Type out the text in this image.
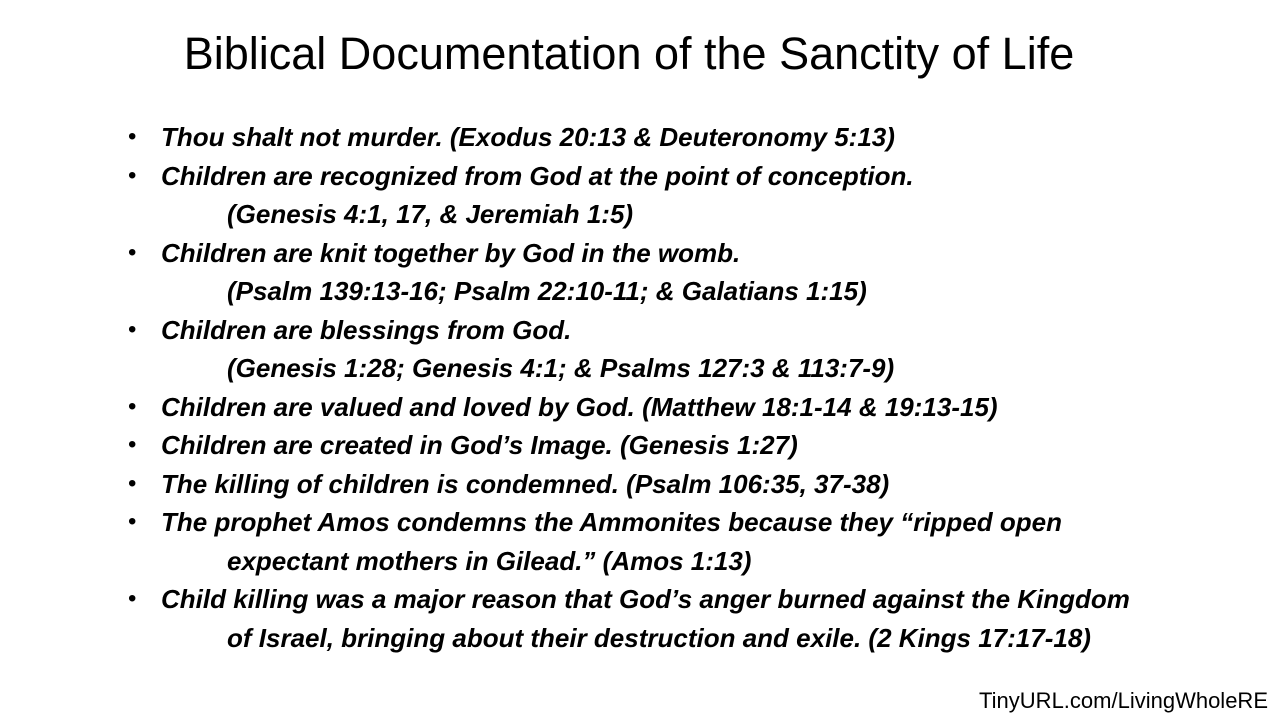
Biblical Documentation of the Sanctity of Life
• Thou shalt not murder. (Exodus 20:13 & Deuteronomy 5:13)
• Children are recognized from God at the point of conception.
(Genesis 4:1, 17, & Jeremiah 1:5)
• Children are knit together by God in the womb.
(Psalm 139:13-16; Psalm 22:10-11; & Galatians 1:15)
• Children are blessings from God.
(Genesis 1:28; Genesis 4:1; & Psalms 127:3 & 113:7-9)
• Children are valued and loved by God. (Matthew 18:1-14 & 19:13-15)
• Children are created in God’s Image. (Genesis 1:27)
• The killing of children is condemned. (Psalm 106:35, 37-38)
• The prophet Amos condemns the Ammonites because they “ripped open
expectant mothers in Gilead.” (Amos 1:13)
• Child killing was a major reason that God’s anger burned against the Kingdom
of Israel, bringing about their destruction and exile. (2 Kings 17:17-18)
TinyURL.com/LivingWholeRE
